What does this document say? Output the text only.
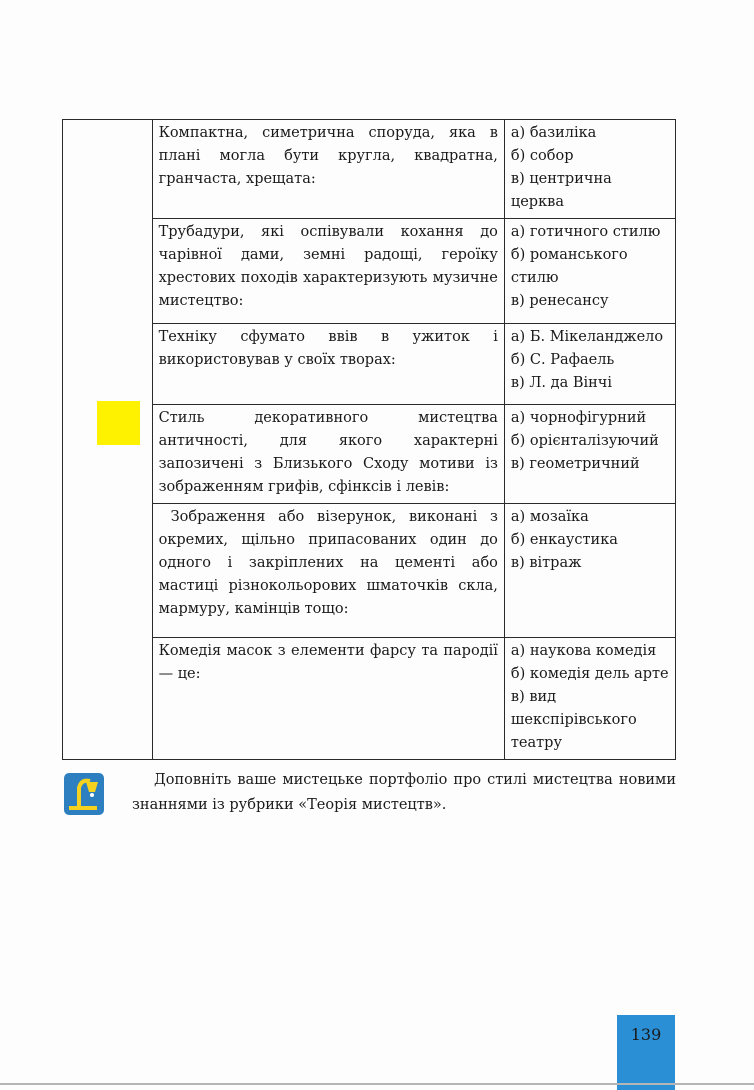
	Компактна, симетрична споруда, яка в плані могла бути кругла, квадратна, гранчаста, хрещата:	а) базиліка
б) собор
в) центрична церква

	Трубадури, які оспівували кохання до чарівної дами, земні радощі, героїку хрестових походів характеризують музичне мистецтво:	а) готичного стилю
б) романського стилю
в) ренесансу

	Техніку сфумато ввів в ужиток і використовував у своїх творах:	а) Б. Мікеланджело
б) С. Рафаель
в) Л. да Вінчі

	Стиль декоративного мистецтва античності, для якого характерні запозичені з Близького Сходу мотиви із зображенням грифів, сфінксів і левів:	а) чорнофігурний
б) орієнталізуючий
в) геометричний

	Зображення або візерунок, виконані з окремих, щільно припасованих один до одного і закріплених на цементі або мастиці різнокольорових шматочків скла, мармуру, камінців тощо:	а) мозаїка
б) енкаустика
в) вітраж

	Комедія масок з елементи фарсу та пародії — це:	а) наукова комедія
б) комедія дель арте
в) вид шекспірівського театру
Доповніть ваше мистецьке портфоліо про стилі мистецтва новими знаннями із рубрики «Теорія мистецтв».
139
